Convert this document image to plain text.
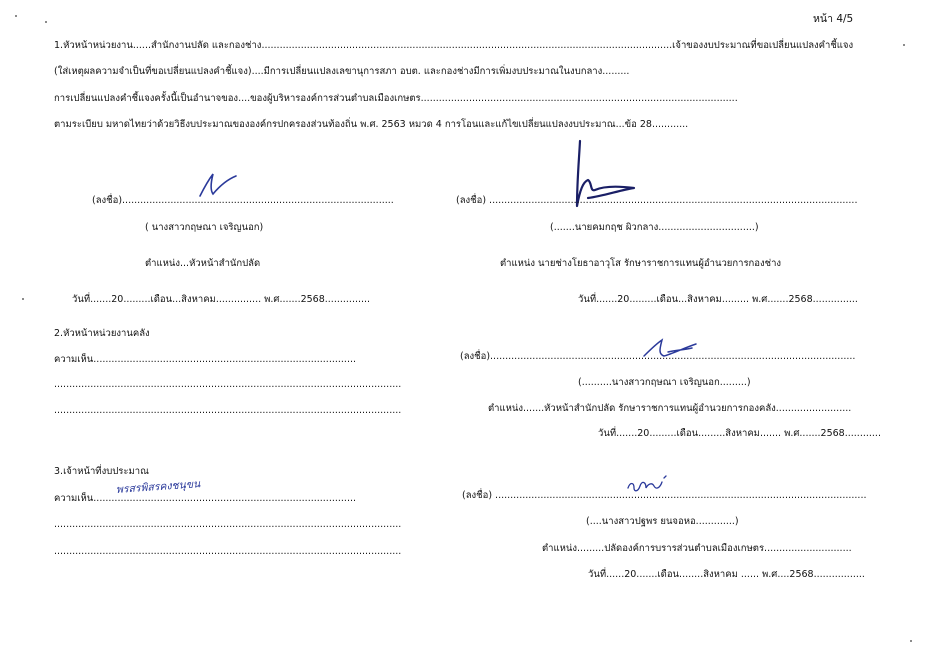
หน้า 4/5
1.หัวหน้าหน่วยงาน......สำนักงานปลัด และกองช่าง........................................................................................................................................เจ้าของงบประมาณที่ขอเปลี่ยนแปลงคำชี้แจง
(ใส่เหตุผลความจำเป็นที่ขอเปลี่ยนแปลงคำชี้แจง)....มีการเปลี่ยนแปลงเลขานุการสภา อบต. และกองช่างมีการเพิ่มงบประมาณในงบกลาง.........
การเปลี่ยนแปลงคำชี้แจงครั้งนี้เป็นอำนาจของ....ของผู้บริหารองค์การส่วนตำบลเมืองเกษตร.........................................................................................................
ตามระเบียบ มหาดไทยว่าด้วยวิธีงบประมาณขององค์กรปกครองส่วนท้องถิ่น พ.ศ. 2563 หมวด 4 การโอนและแก้ไขเปลี่ยนแปลงงบประมาณ...ข้อ 28............
(ลงชื่อ)..........................................................................................
( นางสาวกฤษณา เจริญนอก)
ตำแหน่ง...หัวหน้าสำนักปลัด
วันที่.......20.........เดือน...สิงหาคม............... พ.ศ.......2568...............
(ลงชื่อ) ..........................................................................................................................
(.......นายคมกฤช ผิวกลาง................................)
ตำแหน่ง นายช่างโยธาอาวุโส รักษาราชการแทนผู้อำนวยการกองช่าง
วันที่.......20.........เดือน...สิงหาคม......... พ.ศ.......2568...............
2.หัวหน้าหน่วยงานคลัง
ความเห็น.......................................................................................
...................................................................................................................
...................................................................................................................
(ลงชื่อ).........................................................................................................................
(..........นางสาวกฤษณา เจริญนอก.........)
ตำแหน่ง.......หัวหน้าสำนักปลัด รักษาราชการแทนผู้อำนวยการกองคลัง.........................
วันที่.......20.........เดือน.........สิงหาคม....... พ.ศ.......2568............
3.เจ้าหน้าที่งบประมาณ
ความเห็น.......................................................................................
พรสรพิสรคงชนุขน
...................................................................................................................
...................................................................................................................
(ลงชื่อ) ...........................................................................................................................
(....นางสาวปฐพร ยนจอหอ.............)
ตำแหน่ง.........ปลัดองค์การบรารส่วนตำบลเมืองเกษตร.............................
วันที่......20.......เดือน........สิงหาคม ...... พ.ศ....2568.................
